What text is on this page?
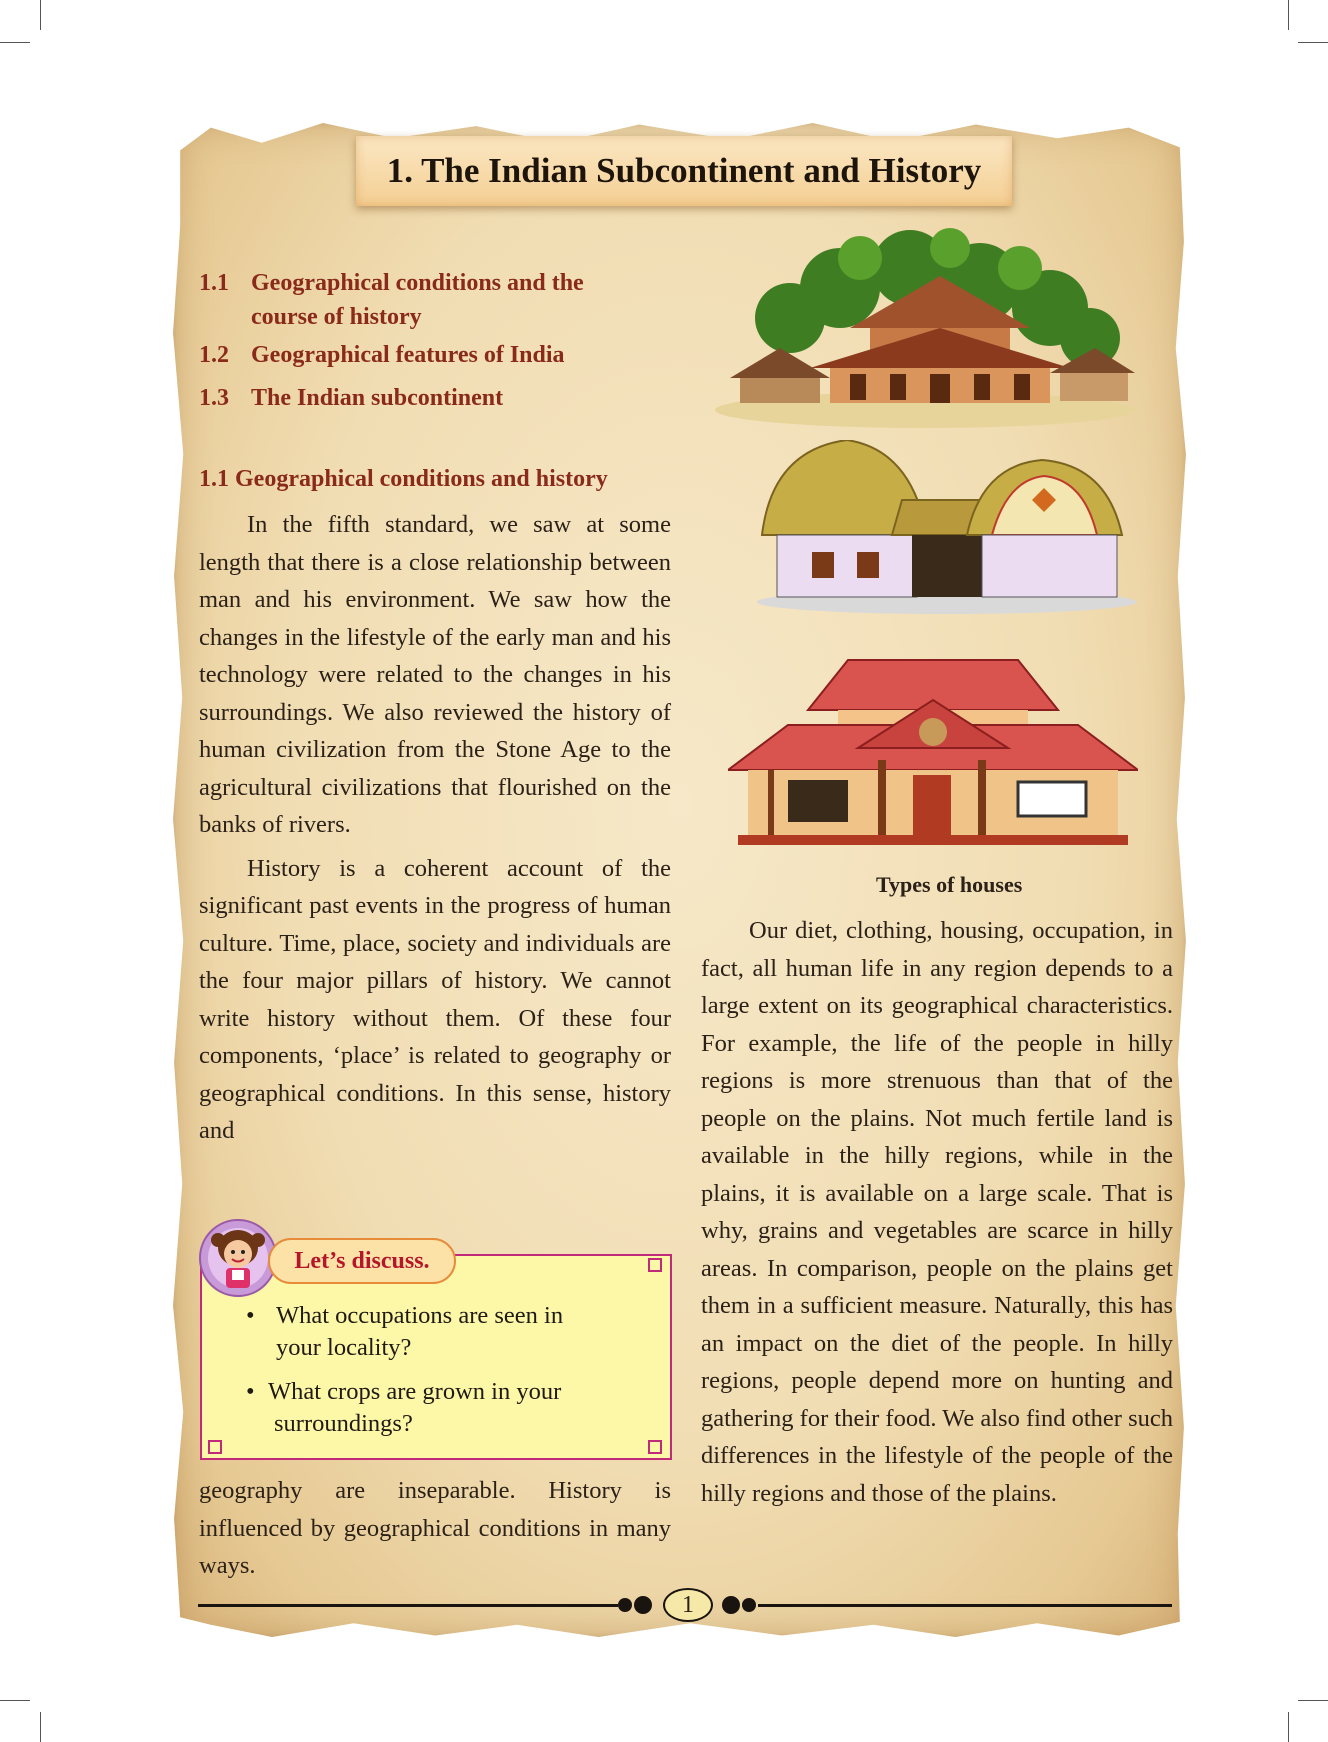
1. The Indian Subcontinent and History
1.1 Geographical conditions and the
course of history
1.2 Geographical features of India
1.3 The Indian subcontinent
1.1 Geographical conditions and history

In the fifth standard, we saw at some length that there is a close relationship between man and his environment. We saw how the changes in the lifestyle of the early man and his technology were related to the changes in his surroundings. We also reviewed the history of human civilization from the Stone Age to the agricultural civilizations that flourished on the banks of rivers.

History is a coherent account of the significant past events in the progress of human culture. Time, place, society and individuals are the four major pillars of history. We cannot write history without them. Of these four components, ‘place’ is related to geography or geographical conditions. In this sense, history and

• What occupations are seen in
your locality?
• What crops are grown in your
surroundings?
Let’s discuss.

geography are inseparable. History is influenced by geographical conditions in many ways.

Types of houses

Our diet, clothing, housing, occupation, in fact, all human life in any region depends to a large extent on its geographical characteristics. For example, the life of the people in hilly regions is more strenuous than that of the people on the plains. Not much fertile land is available in the hilly regions, while in the plains, it is available on a large scale. That is why, grains and vegetables are scarce in hilly areas. In comparison, people on the plains get them in a sufficient measure. Naturally, this has an impact on the diet of the people. In hilly regions, people depend more on hunting and gathering for their food. We also find other such differences in the lifestyle of the people of the hilly regions and those of the plains.

1
